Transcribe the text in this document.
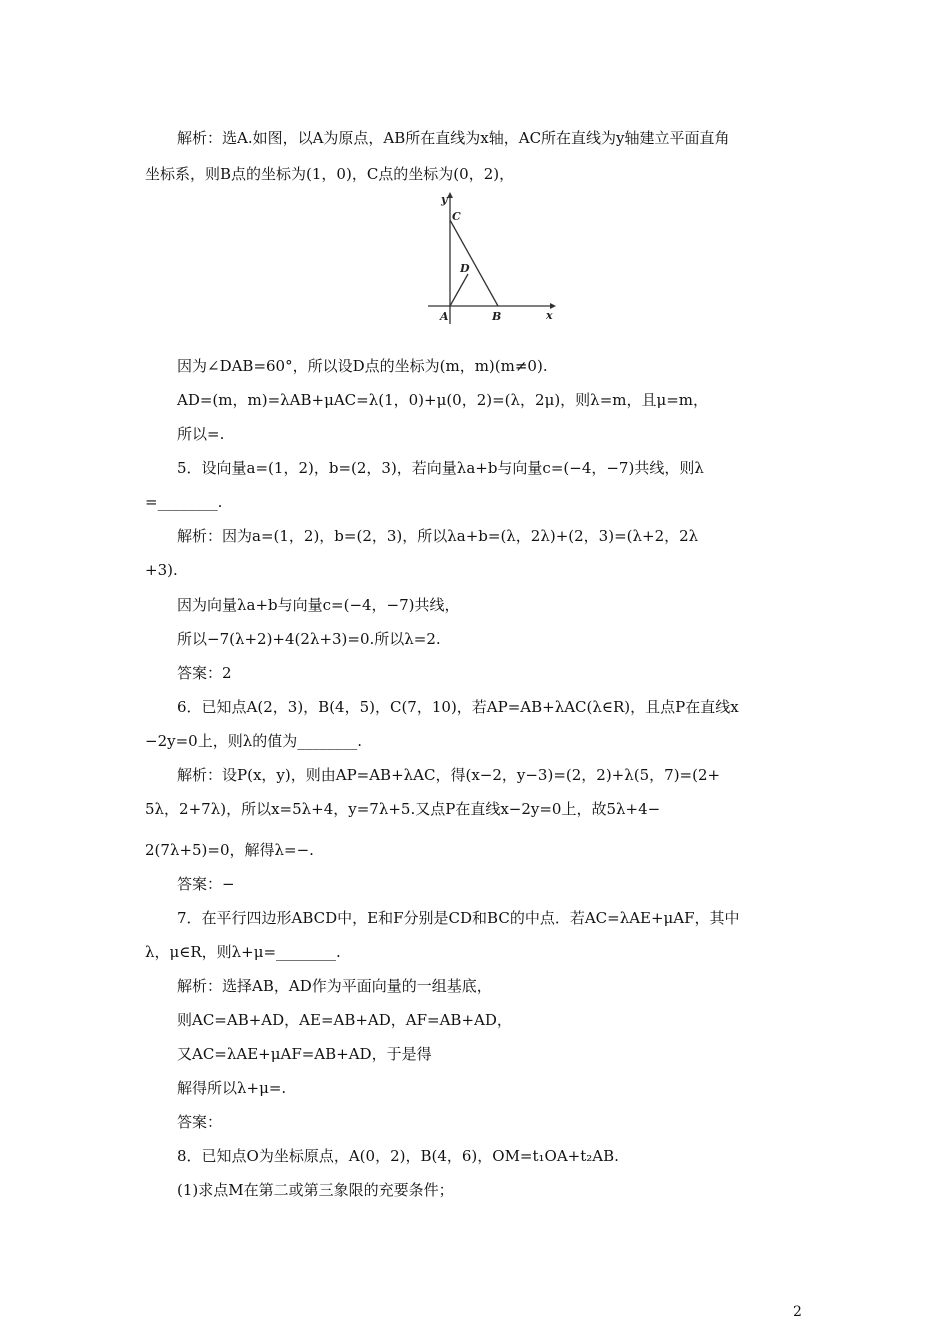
解析：选A.如图，以A为原点，AB所在直线为x轴，AC所在直线为y轴建立平面直角
坐标系，则B点的坐标为(1，0)，C点的坐标为(0，2)，
y
C
D
A	B	x
因为∠DAB=60°，所以设D点的坐标为(m，m)(m≠0).
AD=(m，m)=λAB+μAC=λ(1，0)+μ(0，2)=(λ，2μ)，则λ=m，且μ=m，
所以=.
5．设向量a=(1，2)，b=(2，3)，若向量λa+b与向量c=(−4，−7)共线，则λ
=________.
解析：因为a=(1，2)，b=(2，3)，所以λa+b=(λ，2λ)+(2，3)=(λ+2，2λ
+3).
因为向量λa+b与向量c=(−4，−7)共线，
所以−7(λ+2)+4(2λ+3)=0.所以λ=2.
答案：2
6．已知点A(2，3)，B(4，5)，C(7，10)，若AP=AB+λAC(λ∈R)，且点P在直线x
−2y=0上，则λ的值为________.
解析：设P(x，y)，则由AP=AB+λAC，得(x−2，y−3)=(2，2)+λ(5，7)=(2+
5λ，2+7λ)，所以x=5λ+4，y=7λ+5.又点P在直线x−2y=0上，故5λ+4−
2(7λ+5)=0，解得λ=−.
答案：−
7．在平行四边形ABCD中，E和F分别是CD和BC的中点．若AC=λAE+μAF，其中
λ，μ∈R，则λ+μ=________.
解析：选择AB，AD作为平面向量的一组基底，
则AC=AB+AD，AE=AB+AD，AF=AB+AD，
又AC=λAE+μAF=AB+AD，于是得
解得所以λ+μ=.
答案：
8．已知点O为坐标原点，A(0，2)，B(4，6)，OM=t₁OA+t₂AB.
(1)求点M在第二或第三象限的充要条件；
2
